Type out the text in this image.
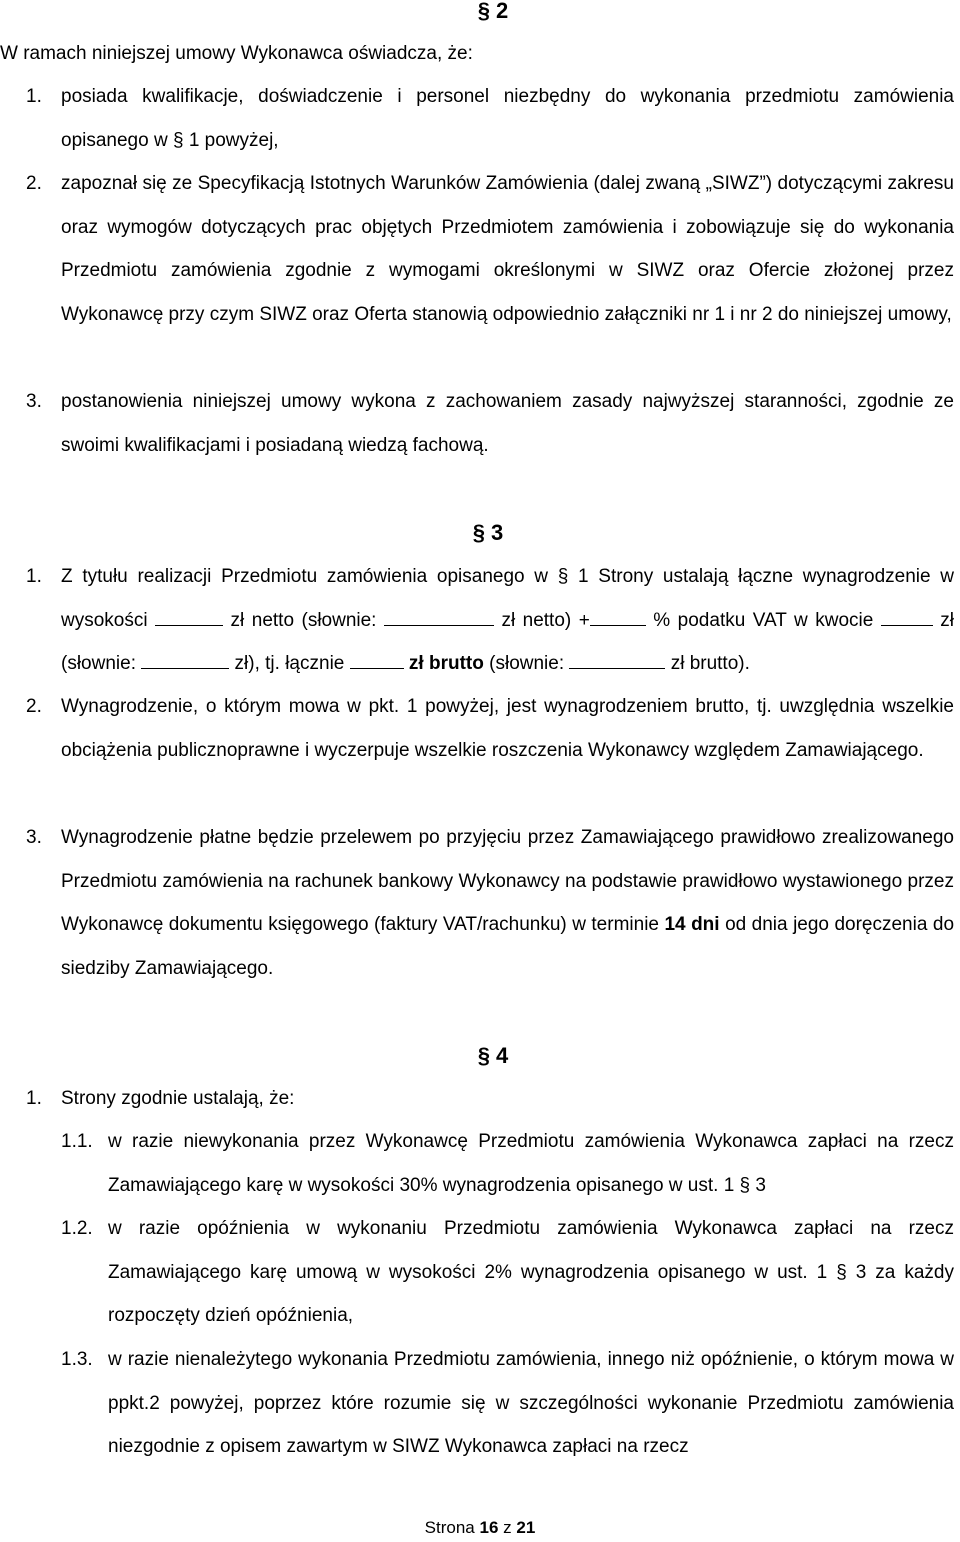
§ 2
W ramach niniejszej umowy Wykonawca oświadcza, że:
1. posiada kwalifikacje, doświadczenie i personel niezbędny do wykonania przedmiotu zamówienia opisanego w § 1 powyżej,
2. zapoznał się ze Specyfikacją Istotnych Warunków Zamówienia (dalej zwaną „SIWZ”) dotyczącymi zakresu oraz wymogów dotyczących prac objętych Przedmiotem zamówienia i zobowiązuje się do wykonania Przedmiotu zamówienia zgodnie z wymogami określonymi w SIWZ oraz Ofercie złożonej przez Wykonawcę przy czym SIWZ oraz Oferta stanowią odpowiednio załączniki nr 1 i nr 2 do niniejszej umowy,
3. postanowienia niniejszej umowy wykona z zachowaniem zasady najwyższej staranności, zgodnie ze swoimi kwalifikacjami i posiadaną wiedzą fachową.
§ 3
1. Z tytułu realizacji Przedmiotu zamówienia opisanego w § 1 Strony ustalają łączne wynagrodzenie w wysokości	zł netto (słownie:	zł netto) +	% podatku VAT w kwocie	zł (słownie:	zł), tj. łącznie	zł brutto (słownie:	zł brutto).
2. Wynagrodzenie, o którym mowa w pkt. 1 powyżej, jest wynagrodzeniem brutto, tj. uwzględnia wszelkie obciążenia publicznoprawne i wyczerpuje wszelkie roszczenia Wykonawcy względem Zamawiającego.
3. Wynagrodzenie płatne będzie przelewem po przyjęciu przez Zamawiającego prawidłowo zrealizowanego Przedmiotu zamówienia na rachunek bankowy Wykonawcy na podstawie prawidłowo wystawionego przez Wykonawcę dokumentu księgowego (faktury VAT/rachunku) w terminie 14 dni od dnia jego doręczenia do siedziby Zamawiającego.
§ 4
1. Strony zgodnie ustalają, że:
1.1. w razie niewykonania przez Wykonawcę Przedmiotu zamówienia Wykonawca zapłaci na rzecz Zamawiającego karę w wysokości 30% wynagrodzenia opisanego w ust. 1 § 3
1.2. w razie opóźnienia w wykonaniu Przedmiotu zamówienia Wykonawca zapłaci na rzecz Zamawiającego karę umową w wysokości 2% wynagrodzenia opisanego w ust. 1 § 3 za każdy rozpoczęty dzień opóźnienia,
1.3. w razie nienależytego wykonania Przedmiotu zamówienia, innego niż opóźnienie, o którym mowa w ppkt.2 powyżej, poprzez które rozumie się w szczególności wykonanie Przedmiotu zamówienia niezgodnie z opisem zawartym w SIWZ Wykonawca zapłaci na rzecz
Strona 16 z 21
